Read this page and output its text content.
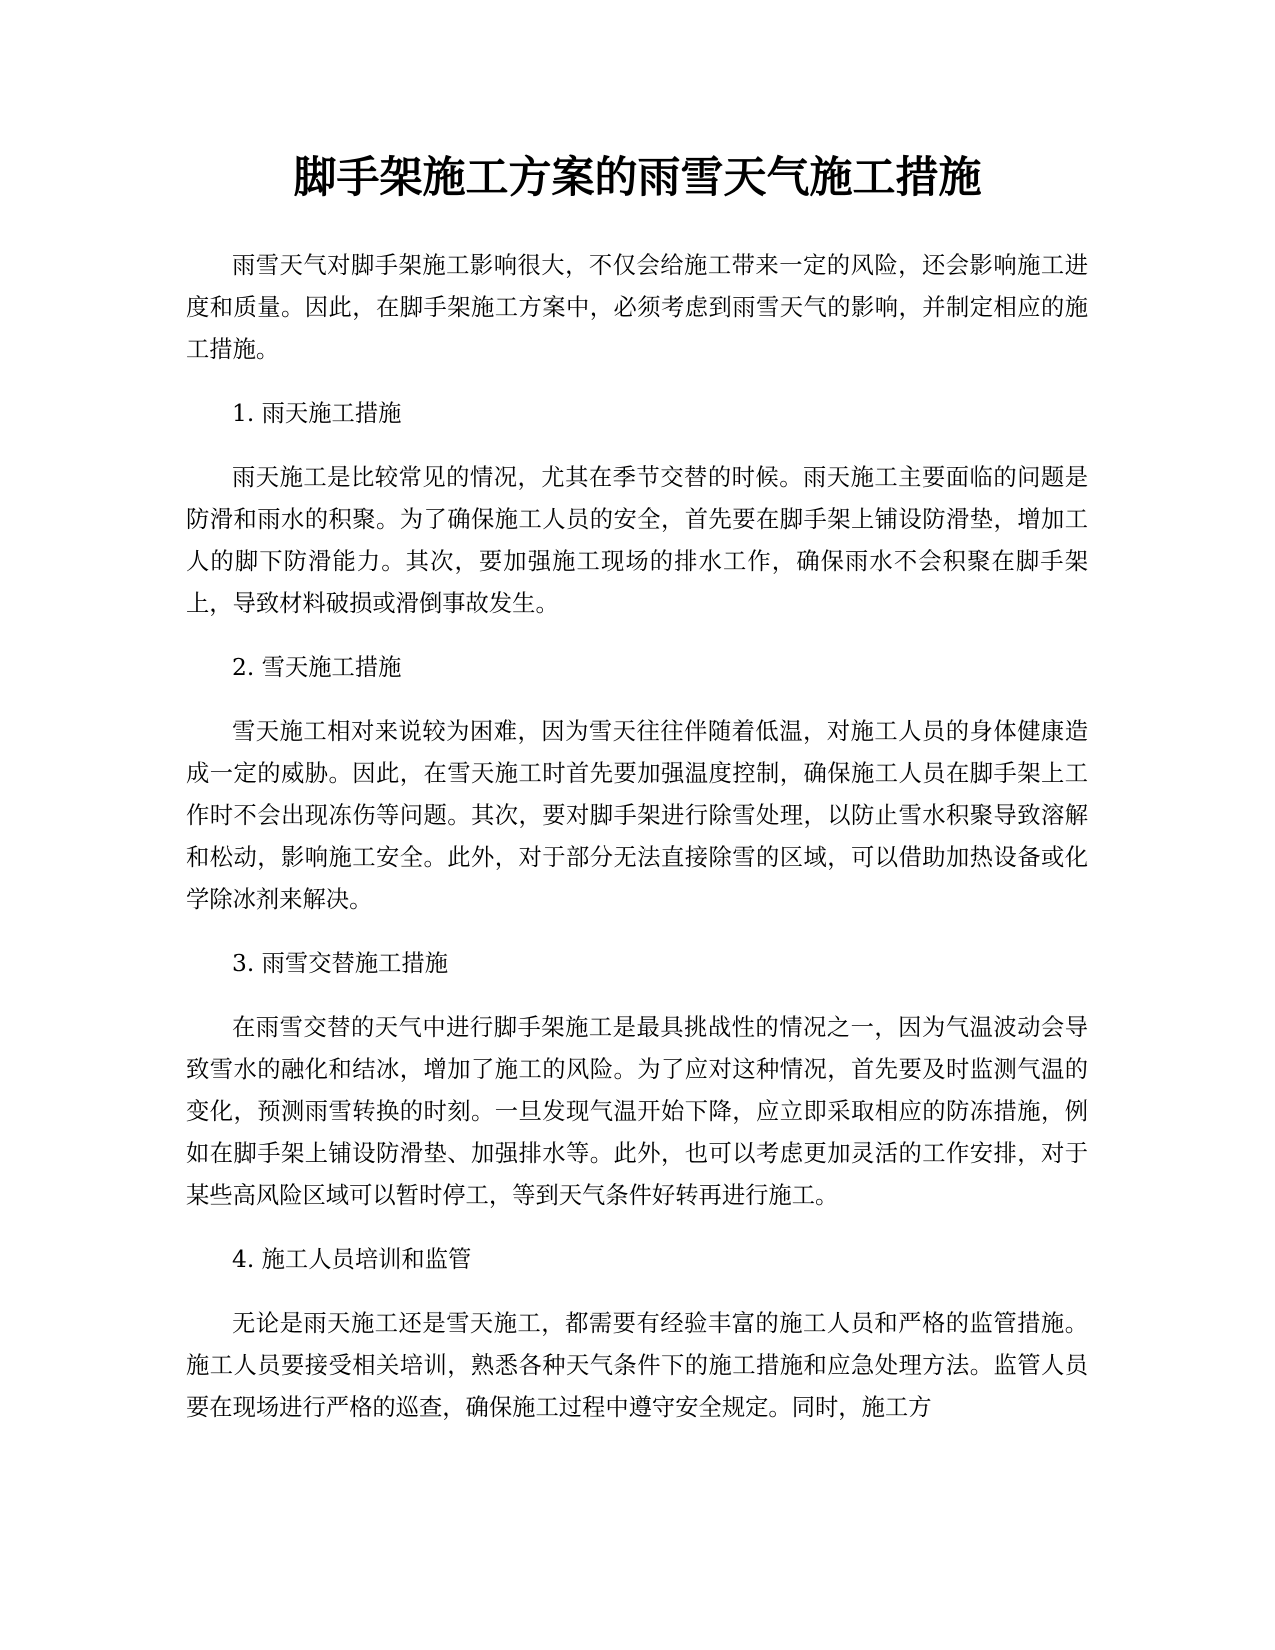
脚手架施工方案的雨雪天气施工措施

雨雪天气对脚手架施工影响很大，不仅会给施工带来一定的风险，还会影响施工进度和质量。因此，在脚手架施工方案中，必须考虑到雨雪天气的影响，并制定相应的施工措施。

1. 雨天施工措施

雨天施工是比较常见的情况，尤其在季节交替的时候。雨天施工主要面临的问题是防滑和雨水的积聚。为了确保施工人员的安全，首先要在脚手架上铺设防滑垫，增加工人的脚下防滑能力。其次，要加强施工现场的排水工作，确保雨水不会积聚在脚手架上，导致材料破损或滑倒事故发生。

2. 雪天施工措施

雪天施工相对来说较为困难，因为雪天往往伴随着低温，对施工人员的身体健康造成一定的威胁。因此，在雪天施工时首先要加强温度控制，确保施工人员在脚手架上工作时不会出现冻伤等问题。其次，要对脚手架进行除雪处理，以防止雪水积聚导致溶解和松动，影响施工安全。此外，对于部分无法直接除雪的区域，可以借助加热设备或化学除冰剂来解决。

3. 雨雪交替施工措施

在雨雪交替的天气中进行脚手架施工是最具挑战性的情况之一，因为气温波动会导致雪水的融化和结冰，增加了施工的风险。为了应对这种情况，首先要及时监测气温的变化，预测雨雪转换的时刻。一旦发现气温开始下降，应立即采取相应的防冻措施，例如在脚手架上铺设防滑垫、加强排水等。此外，也可以考虑更加灵活的工作安排，对于某些高风险区域可以暂时停工，等到天气条件好转再进行施工。

4. 施工人员培训和监管

无论是雨天施工还是雪天施工，都需要有经验丰富的施工人员和严格的监管措施。施工人员要接受相关培训，熟悉各种天气条件下的施工措施和应急处理方法。监管人员要在现场进行严格的巡查，确保施工过程中遵守安全规定。同时，施工方
